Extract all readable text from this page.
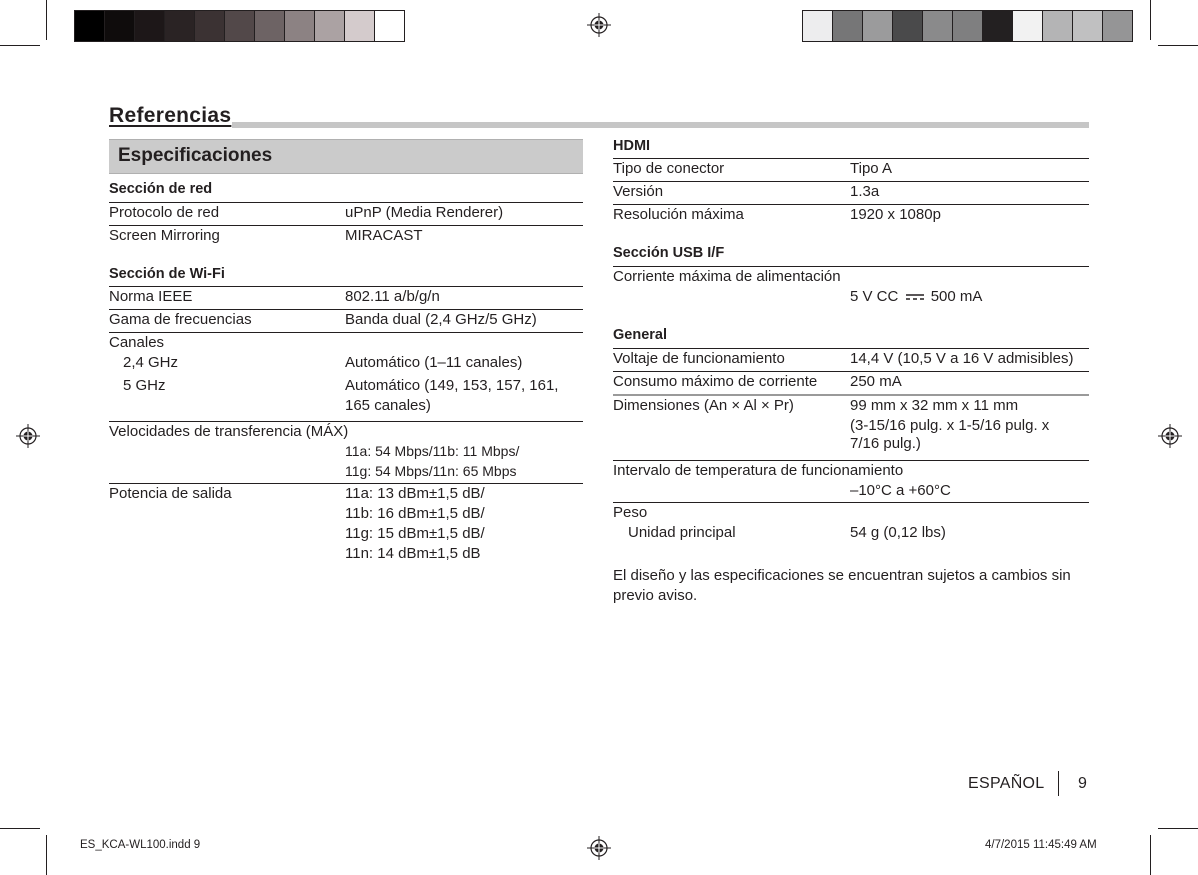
Referencias
Especificaciones
Sección de red
Protocolo de red	uPnP (Media Renderer)
Screen Mirroring	MIRACAST
Sección de Wi-Fi
Norma IEEE	802.11 a/b/g/n
Gama de frecuencias	Banda dual (2,4 GHz/5 GHz)
Canales
2,4 GHz	Automático (1–11 canales)
5 GHz	Automático (149, 153, 157, 161,
165 canales)
Velocidades de transferencia (MÁX)
11a: 54 Mbps/11b: 11 Mbps/
11g: 54 Mbps/11n: 65 Mbps
Potencia de salida	11a: 13 dBm±1,5 dB/
11b: 16 dBm±1,5 dB/
11g: 15 dBm±1,5 dB/
11n: 14 dBm±1,5 dB
HDMI
Tipo de conector	Tipo A
Versión	1.3a
Resolución máxima	1920 x 1080p
Sección USB I/F
Corriente máxima de alimentación
5 V CC 500 mA
General
Voltaje de funcionamiento	14,4 V (10,5 V a 16 V admisibles)
Consumo máximo de corriente 250 mA
Dimensiones (An × Al × Pr)	99 mm x 32 mm x 11 mm
(3-15/16 pulg. x 1-5/16 pulg. x
7/16 pulg.)
Intervalo de temperatura de funcionamiento
–10°C a +60°C
Peso
Unidad principal	54 g (0,12 lbs)
El diseño y las especificaciones se encuentran sujetos a cambios sin previo aviso.
ESPAÑOL 9
ES_KCA-WL100.indd 9	4/7/2015 11:45:49 AM
